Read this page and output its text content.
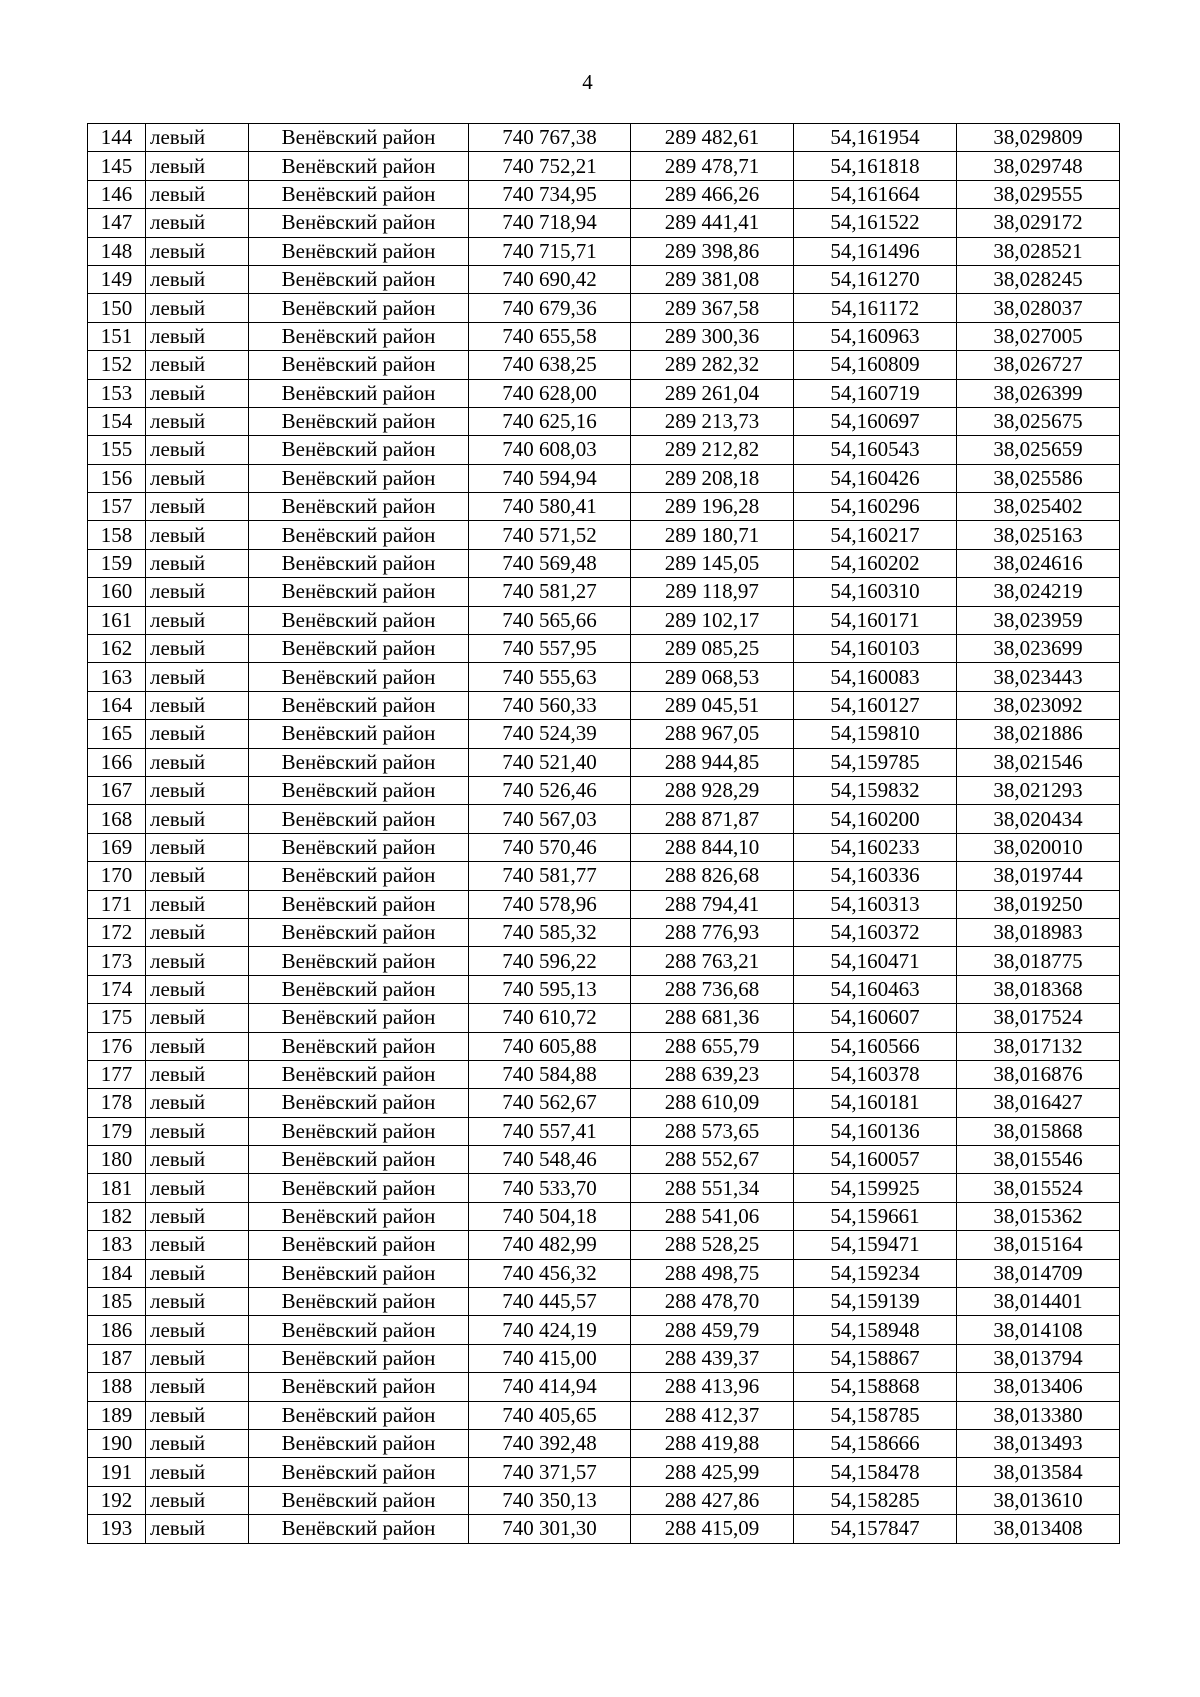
4
144	левый	Венёвский район	740 767,38	289 482,61	54,161954	38,029809
145	левый	Венёвский район	740 752,21	289 478,71	54,161818	38,029748
146	левый	Венёвский район	740 734,95	289 466,26	54,161664	38,029555
147	левый	Венёвский район	740 718,94	289 441,41	54,161522	38,029172
148	левый	Венёвский район	740 715,71	289 398,86	54,161496	38,028521
149	левый	Венёвский район	740 690,42	289 381,08	54,161270	38,028245
150	левый	Венёвский район	740 679,36	289 367,58	54,161172	38,028037
151	левый	Венёвский район	740 655,58	289 300,36	54,160963	38,027005
152	левый	Венёвский район	740 638,25	289 282,32	54,160809	38,026727
153	левый	Венёвский район	740 628,00	289 261,04	54,160719	38,026399
154	левый	Венёвский район	740 625,16	289 213,73	54,160697	38,025675
155	левый	Венёвский район	740 608,03	289 212,82	54,160543	38,025659
156	левый	Венёвский район	740 594,94	289 208,18	54,160426	38,025586
157	левый	Венёвский район	740 580,41	289 196,28	54,160296	38,025402
158	левый	Венёвский район	740 571,52	289 180,71	54,160217	38,025163
159	левый	Венёвский район	740 569,48	289 145,05	54,160202	38,024616
160	левый	Венёвский район	740 581,27	289 118,97	54,160310	38,024219
161	левый	Венёвский район	740 565,66	289 102,17	54,160171	38,023959
162	левый	Венёвский район	740 557,95	289 085,25	54,160103	38,023699
163	левый	Венёвский район	740 555,63	289 068,53	54,160083	38,023443
164	левый	Венёвский район	740 560,33	289 045,51	54,160127	38,023092
165	левый	Венёвский район	740 524,39	288 967,05	54,159810	38,021886
166	левый	Венёвский район	740 521,40	288 944,85	54,159785	38,021546
167	левый	Венёвский район	740 526,46	288 928,29	54,159832	38,021293
168	левый	Венёвский район	740 567,03	288 871,87	54,160200	38,020434
169	левый	Венёвский район	740 570,46	288 844,10	54,160233	38,020010
170	левый	Венёвский район	740 581,77	288 826,68	54,160336	38,019744
171	левый	Венёвский район	740 578,96	288 794,41	54,160313	38,019250
172	левый	Венёвский район	740 585,32	288 776,93	54,160372	38,018983
173	левый	Венёвский район	740 596,22	288 763,21	54,160471	38,018775
174	левый	Венёвский район	740 595,13	288 736,68	54,160463	38,018368
175	левый	Венёвский район	740 610,72	288 681,36	54,160607	38,017524
176	левый	Венёвский район	740 605,88	288 655,79	54,160566	38,017132
177	левый	Венёвский район	740 584,88	288 639,23	54,160378	38,016876
178	левый	Венёвский район	740 562,67	288 610,09	54,160181	38,016427
179	левый	Венёвский район	740 557,41	288 573,65	54,160136	38,015868
180	левый	Венёвский район	740 548,46	288 552,67	54,160057	38,015546
181	левый	Венёвский район	740 533,70	288 551,34	54,159925	38,015524
182	левый	Венёвский район	740 504,18	288 541,06	54,159661	38,015362
183	левый	Венёвский район	740 482,99	288 528,25	54,159471	38,015164
184	левый	Венёвский район	740 456,32	288 498,75	54,159234	38,014709
185	левый	Венёвский район	740 445,57	288 478,70	54,159139	38,014401
186	левый	Венёвский район	740 424,19	288 459,79	54,158948	38,014108
187	левый	Венёвский район	740 415,00	288 439,37	54,158867	38,013794
188	левый	Венёвский район	740 414,94	288 413,96	54,158868	38,013406
189	левый	Венёвский район	740 405,65	288 412,37	54,158785	38,013380
190	левый	Венёвский район	740 392,48	288 419,88	54,158666	38,013493
191	левый	Венёвский район	740 371,57	288 425,99	54,158478	38,013584
192	левый	Венёвский район	740 350,13	288 427,86	54,158285	38,013610
193	левый	Венёвский район	740 301,30	288 415,09	54,157847	38,013408
